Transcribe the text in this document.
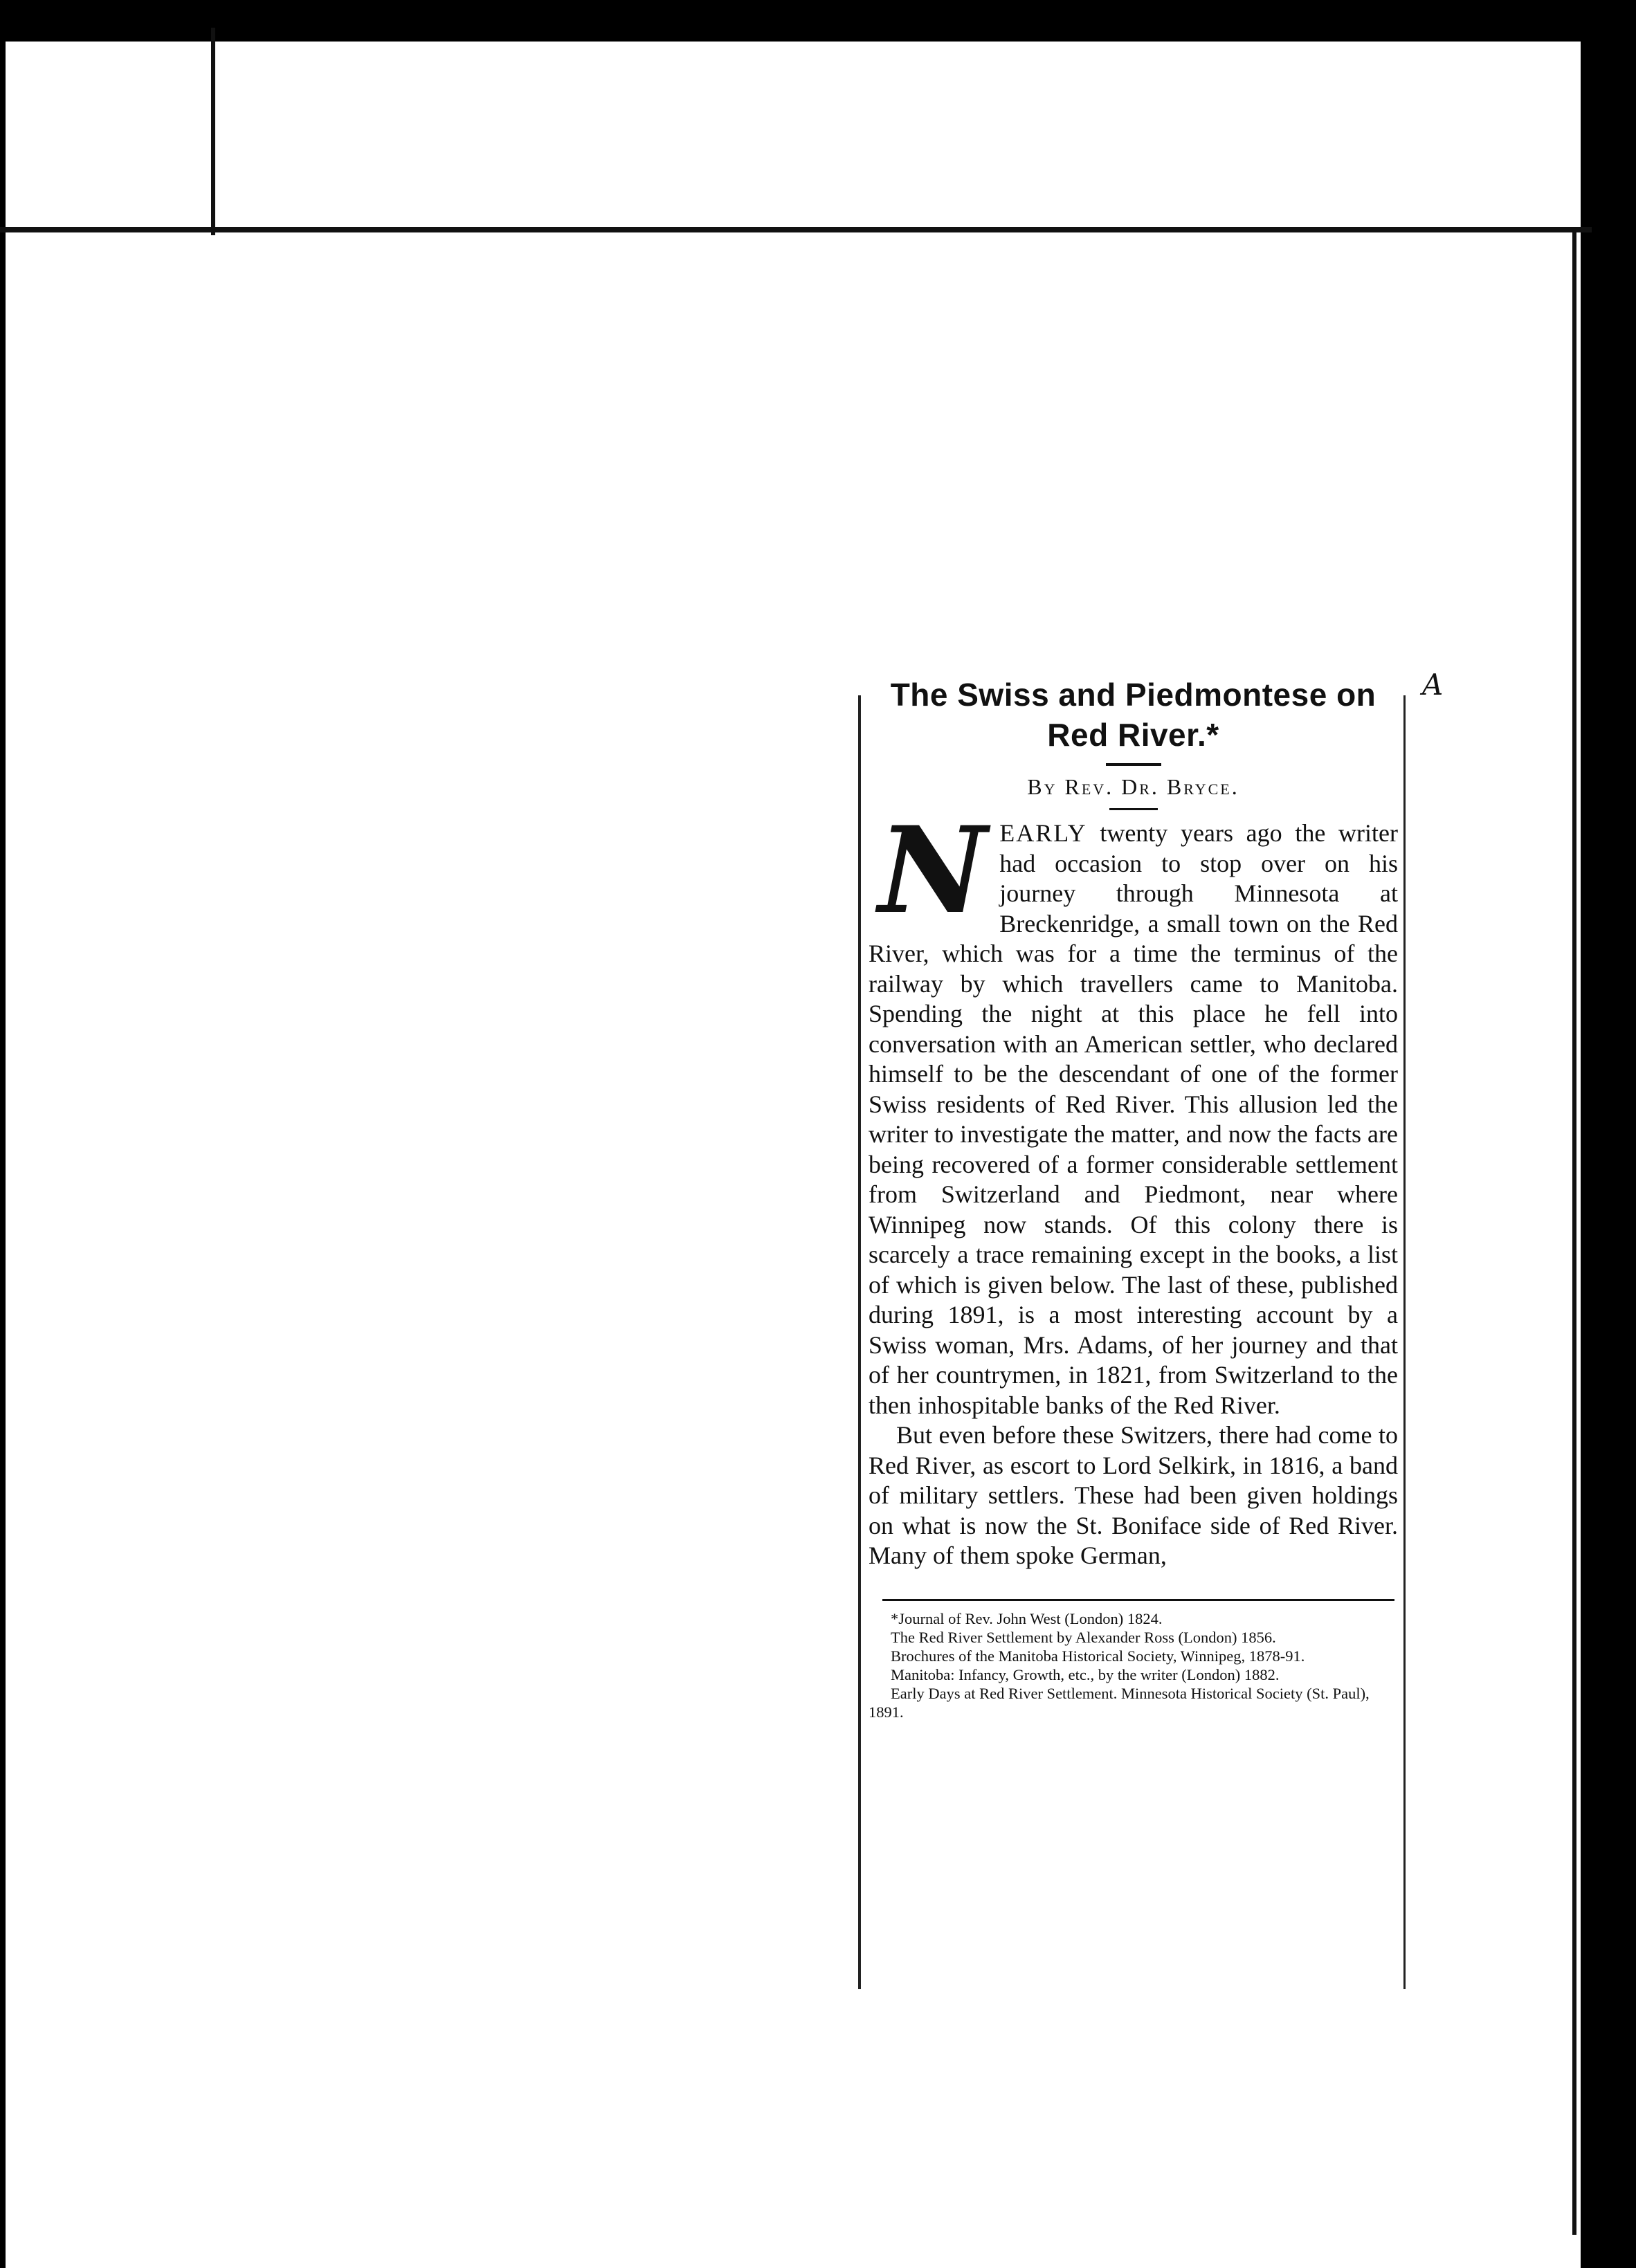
A

The Swiss and Piedmontese on
Red River.*

By Rev. Dr. Bryce.

NEARLY twenty years ago the writer had occasion to stop over on his journey through Minnesota at Breckenridge, a small town on the Red River, which was for a time the terminus of the railway by which travellers came to Manitoba. Spending the night at this place he fell into conversation with an American settler, who declared himself to be the descendant of one of the former Swiss residents of Red River. This allusion led the writer to investigate the matter, and now the facts are being recovered of a former considerable settlement from Switzerland and Piedmont, near where Winnipeg now stands. Of this colony there is scarcely a trace remaining except in the books, a list of which is given below. The last of these, published during 1891, is a most interesting account by a Swiss woman, Mrs. Adams, of her journey and that of her countrymen, in 1821, from Switzerland to the then inhospitable banks of the Red River.

But even before these Switzers, there had come to Red River, as escort to Lord Selkirk, in 1816, a band of military settlers. These had been given holdings on what is now the St. Boniface side of Red River. Many of them spoke German,

*Journal of Rev. John West (London) 1824.
The Red River Settlement by Alexander Ross (London) 1856.
Brochures of the Manitoba Historical Society, Winnipeg, 1878-91.
Manitoba: Infancy, Growth, etc., by the writer (London) 1882.
Early Days at Red River Settlement. Minnesota Historical Society (St. Paul), 1891.
